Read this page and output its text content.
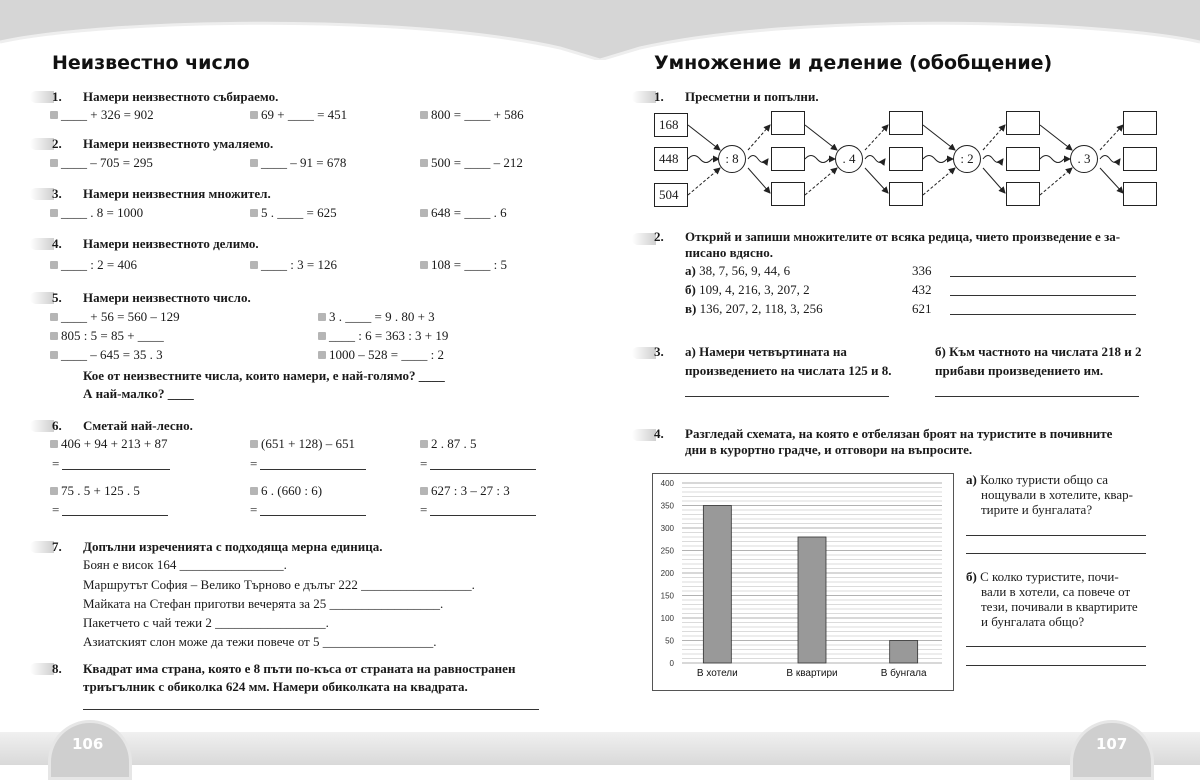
106	107
Неизвестно число
1. Намери неизвестното събираемо.
____ + 326 = 902	69 + ____ = 451	800 = ____ + 586
2. Намери неизвестното умаляемо.
____ – 705 = 295	____ – 91 = 678	500 = ____ – 212
3. Намери неизвестния множител.
____ . 8 = 1000	5 . ____ = 625	648 = ____ . 6
4. Намери неизвестното делимо.
____ : 2 = 406	____ : 3 = 126	108 = ____ : 5
5. Намери неизвестното число.
____ + 56 = 560 – 129	3 . ____ = 9 . 80 + 3
805 : 5 = 85 + ____	____ : 6 = 363 : 3 + 19
____ – 645 = 35 . 3	1000 – 528 = ____ : 2
Кое от неизвестните числа, които намери, е най-голямо? ____
А най-малко? ____
6. Сметай най-лесно.
406 + 94 + 213 + 87	(651 + 128) – 651	2 . 87 . 5
=	=	=
75 . 5 + 125 . 5	6 . (660 : 6)	627 : 3 – 27 : 3
=	=	=
7. Допълни изреченията с подходяща мерна единица.
Боян е висок 164 ________________.
Маршрутът София – Велико Търново е дълъг 222 _________________.
Майката на Стефан приготви вечерята за 25 _________________.
Пакетчето с чай тежи 2 _________________.
Азиатският слон може да тежи повече от 5 _________________.
8. Квадрат има страна, която е 8 пъти по-къса от страната на равностранен
триъгълник с обиколка 624 мм. Намери обиколката на квадрата.
Умножение и деление (обобщение)
1. Пресметни и попълни.
168
448
504
: 8	. 4	: 2	. 3
2. Открий и запиши множителите от всяка редица, чието произведение е за-
писано вдясно.
а) 38, 7, 56, 9, 44, 6	336
б) 109, 4, 216, 3, 207, 2	432
в) 136, 207, 2, 118, 3, 256	621
3. а) Намери четвъртината на
произведението на числата 125 и 8.
б) Към частното на числата 218 и 2
прибави произведението им.
4. Разгледай схемата, на която е отбелязан броят на туристите в почивните
дни в курортно градче, и отговори на въпросите.
0
50
100
150
200
250
300
350
400
В хотели	В квартири	В бунгала
а) Колко туристи общо са
нощували в хотелите, квар-
тирите и бунгалата?
б) С колко туристите, почи-
вали в хотели, са повече от
тези, почивали в квартирите
и бунгалата общо?
